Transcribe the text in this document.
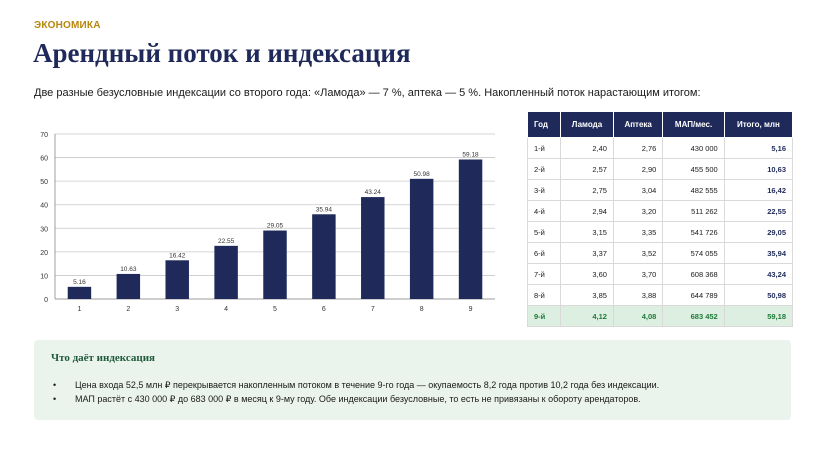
ЭКОНОМИКА
Арендный поток и индексация

Две разные безусловные индексации со второго года: «Ламода» — 7 %, аптека — 5 %. Накопленный поток нарастающим итогом:

0
10
20
30
40
50
60
70
5.16
1
10.63
2
16.42
3
22.55
4
29.05
5
35.94
6
43.24
7
50.98
8
59.18
9
Год	Ламода	Аптека	МАП/мес.	Итого, млн
1-й	2,40	2,76	430 000	5,16
2-й	2,57	2,90	455 500	10,63
3-й	2,75	3,04	482 555	16,42
4-й	2,94	3,20	511 262	22,55
5-й	3,15	3,35	541 726	29,05
6-й	3,37	3,52	574 055	35,94
7-й	3,60	3,70	608 368	43,24
8-й	3,85	3,88	644 789	50,98
9-й	4,12	4,08	683 452	59,18
Что даёт индексация
• Цена входа 52,5 млн ₽ перекрывается накопленным потоком в течение 9-го года — окупаемость 8,2 года против 10,2 года без индексации.
• МАП растёт с 430 000 ₽ до 683 000 ₽ в месяц к 9-му году. Обе индексации безусловные, то есть не привязаны к обороту арендаторов.
